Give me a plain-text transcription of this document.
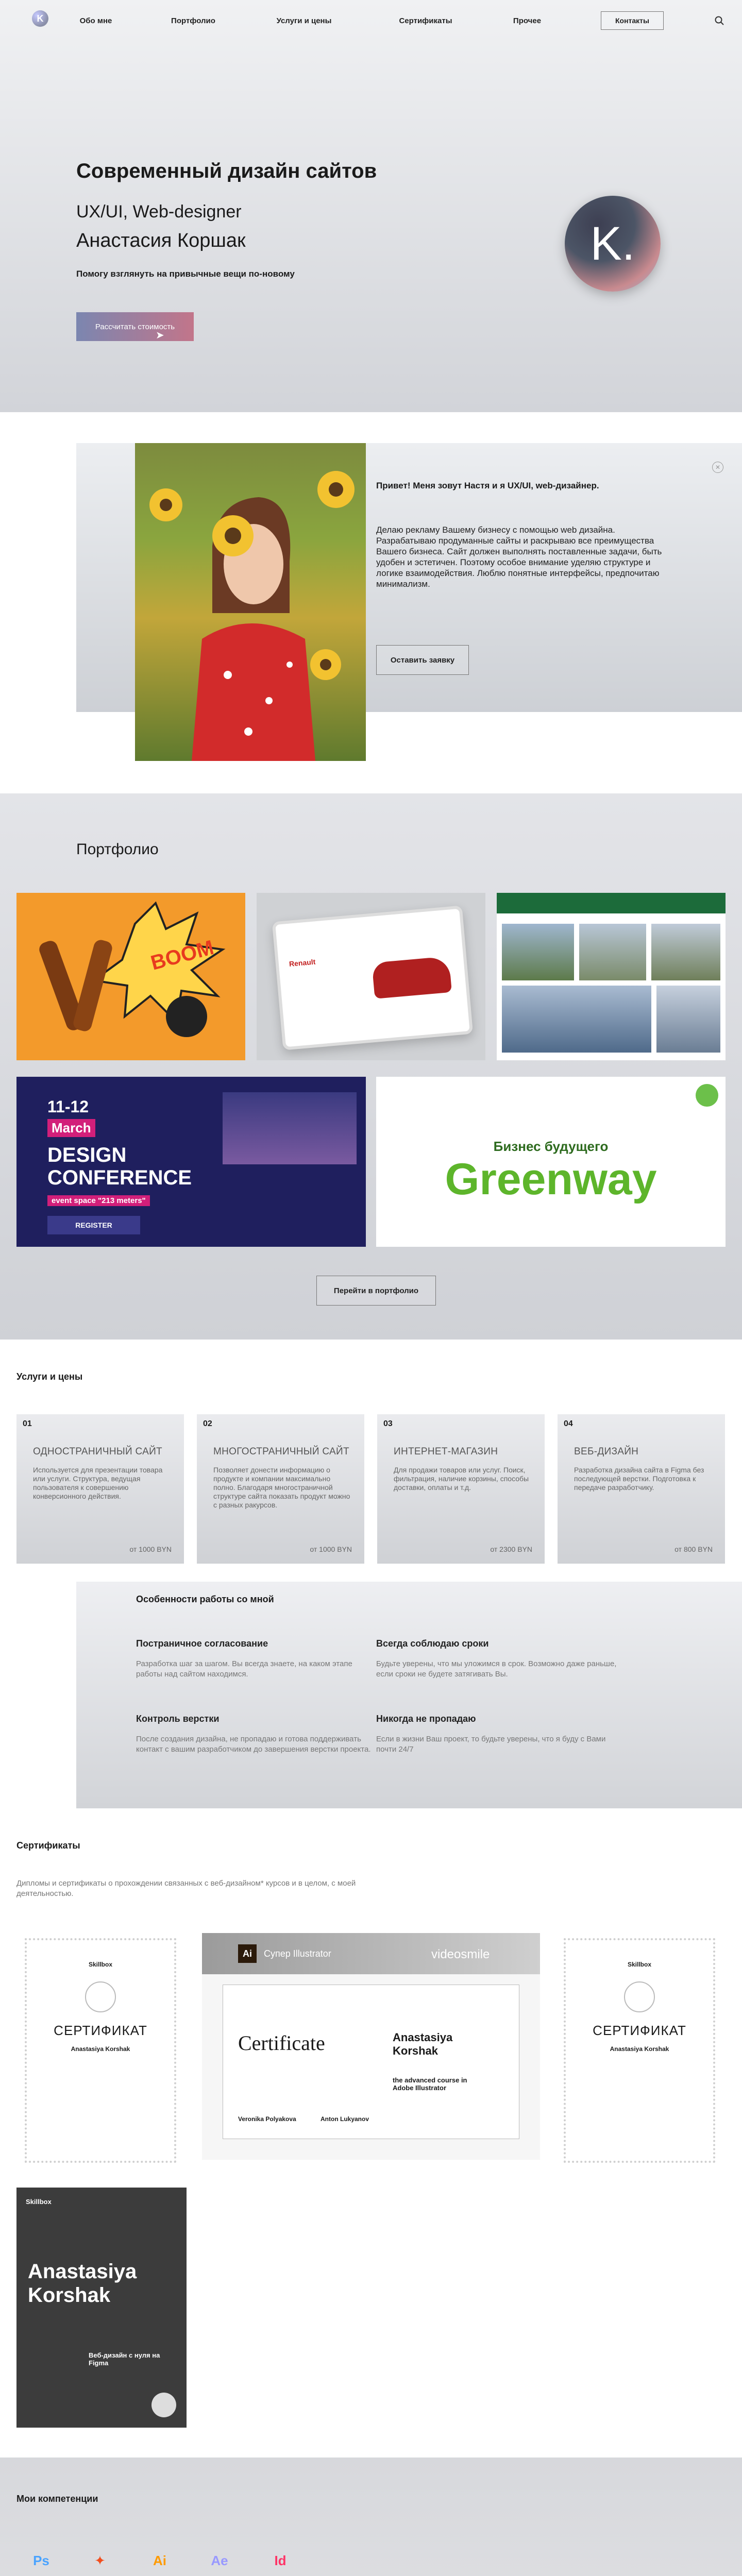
K	Обо мне	Портфолио	Услуги и цены	Сертификаты	Прочее	Контакты
Современный дизайн сайтов
UX/UI, Web-designer
Анастасия Коршак
Помогу взглянуть на привычные вещи по-новому
Рассчитать стоимость
➤
K.
Привет! Меня зовут Настя и я UX/UI, web-дизайнер.
Делаю рекламу Вашему бизнесу с помощью web дизайна. Разрабатываю продуманные сайты и раскрываю все преимущества Вашего бизнеса. Сайт должен выполнять поставленные задачи, быть удобен и эстетичен. Поэтому особое внимание уделяю структуре и логике взаимодействия. Люблю понятные интерфейсы, предпочитаю минимализм.
Оставить заявку
✕
Портфолио
BOOM	Renault
11-12
March
DESIGN CONFERENCE
event space "213 meters"
REGISTER
Бизнес будущего
Greenway
Перейти в портфолио
Услуги и цены
01
ОДНОСТРАНИЧНЫЙ САЙТ
Используется для презентации товара или услуги. Структура, ведущая пользователя к совершению конверсионного действия.
от 1000 BYN
02
МНОГОСТРАНИЧНЫЙ САЙТ
Позволяет донести информацию о продукте и компании максимально полно. Благодаря многостраничной структуре сайта показать продукт можно с разных ракурсов.
от 1000 BYN
03
ИНТЕРНЕТ-МАГАЗИН
Для продажи товаров или услуг. Поиск, фильтрация, наличие корзины, способы доставки, оплаты и т.д.
от 2300 BYN
04
ВЕБ-ДИЗАЙН
Разработка дизайна сайта в Figma без последующей верстки. Подготовка к передаче разработчику.
от 800 BYN
Особенности работы со мной
Постраничное согласование
Разработка шаг за шагом. Вы всегда знаете, на каком этапе работы над сайтом находимся.
Всегда соблюдаю сроки
Будьте уверены, что мы уложимся в срок. Возможно даже раньше, если сроки не будете затягивать Вы.
Контроль верстки
После создания дизайна, не пропадаю и готова поддерживать контакт с вашим разработчиком до завершения верстки проекта.
Никогда не пропадаю
Если в жизни Ваш проект, то будьте уверены, что я буду с Вами почти 24/7
Сертификаты
Дипломы и сертификаты о прохождении связанных с веб-дизайном* курсов и в целом, с моей деятельностью.
Skillbox
СЕРТИФИКАТ
Anastasiya Korshak
Ai	Супер Illustrator	videosmile
Certificate	Anastasiya Korshak
the advanced course in Adobe Illustrator
Veronika Polyakova	Anton Lukyanov
Skillbox
СЕРТИФИКАТ
Anastasiya Korshak
Skillbox
Anastasiya Korshak
Веб-дизайн с нуля на Figma
Мои компетенции
Ps	✦	Ai	Ae	Id
